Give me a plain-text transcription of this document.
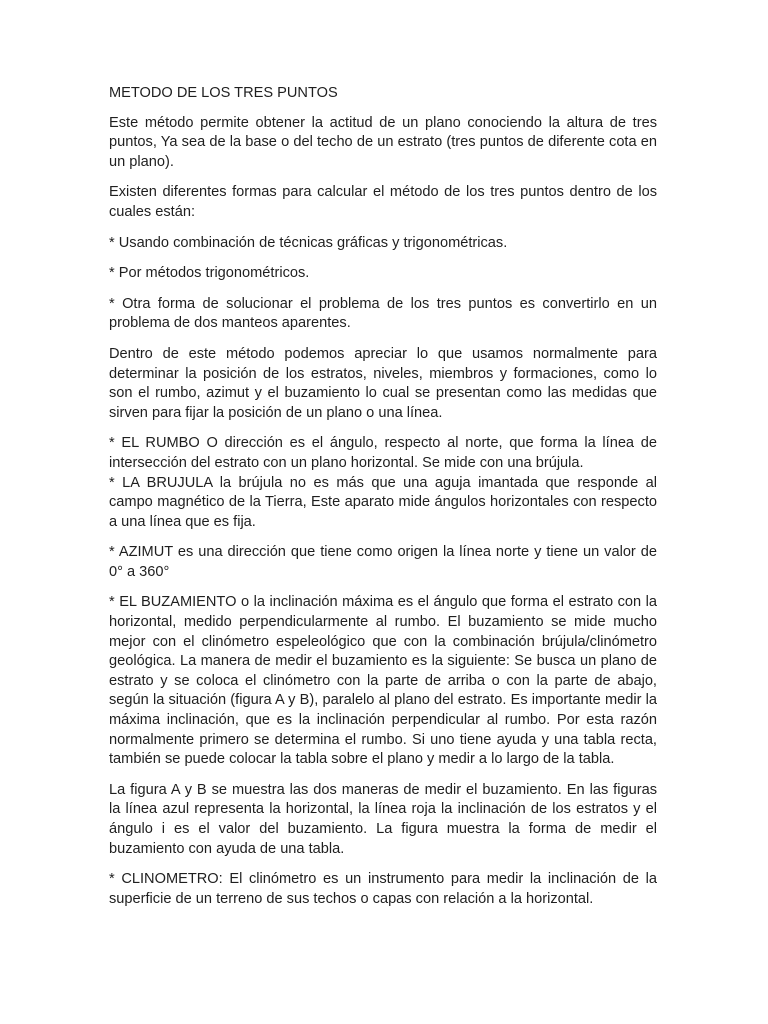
METODO DE LOS TRES PUNTOS

Este método permite obtener la actitud de un plano conociendo la altura de tres puntos, Ya sea de la base o del techo de un estrato (tres puntos de diferente cota en un plano).

Existen diferentes formas para calcular el método de los tres puntos dentro de los cuales están:

* Usando combinación de técnicas gráficas y trigonométricas.

* Por métodos trigonométricos.

* Otra forma de solucionar el problema de los tres puntos es convertirlo en un problema de dos manteos aparentes.

Dentro de este método podemos apreciar lo que usamos normalmente para determinar la posición de los estratos, niveles, miembros y formaciones, como lo son el rumbo, azimut y el buzamiento lo cual se presentan como las medidas que sirven para fijar la posición de un plano o una línea.

* EL RUMBO O dirección es el ángulo, respecto al norte, que forma la línea de intersección del estrato con un plano horizontal. Se mide con una brújula.

* LA BRUJULA la brújula no es más que una aguja imantada que responde al campo magnético de la Tierra, Este aparato mide ángulos horizontales con respecto a una línea que es fija.

* AZIMUT es una dirección que tiene como origen la línea norte y tiene un valor de 0° a 360°

* EL BUZAMIENTO o la inclinación máxima es el ángulo que forma el estrato con la horizontal, medido perpendicularmente al rumbo. El buzamiento se mide mucho mejor con el clinómetro espeleológico que con la combinación brújula/clinómetro geológica. La manera de medir el buzamiento es la siguiente: Se busca un plano de estrato y se coloca el clinómetro con la parte de arriba o con la parte de abajo, según la situación (figura A y B), paralelo al plano del estrato. Es importante medir la máxima inclinación, que es la inclinación perpendicular al rumbo. Por esta razón normalmente primero se determina el rumbo. Si uno tiene ayuda y una tabla recta, también se puede colocar la tabla sobre el plano y medir a lo largo de la tabla.

La figura A y B se muestra las dos maneras de medir el buzamiento. En las figuras la línea azul representa la horizontal, la línea roja la inclinación de los estratos y el ángulo i es el valor del buzamiento. La figura muestra la forma de medir el buzamiento con ayuda de una tabla.

* CLINOMETRO: El clinómetro es un instrumento para medir la inclinación de la superficie de un terreno de sus techos o capas con relación a la horizontal.
